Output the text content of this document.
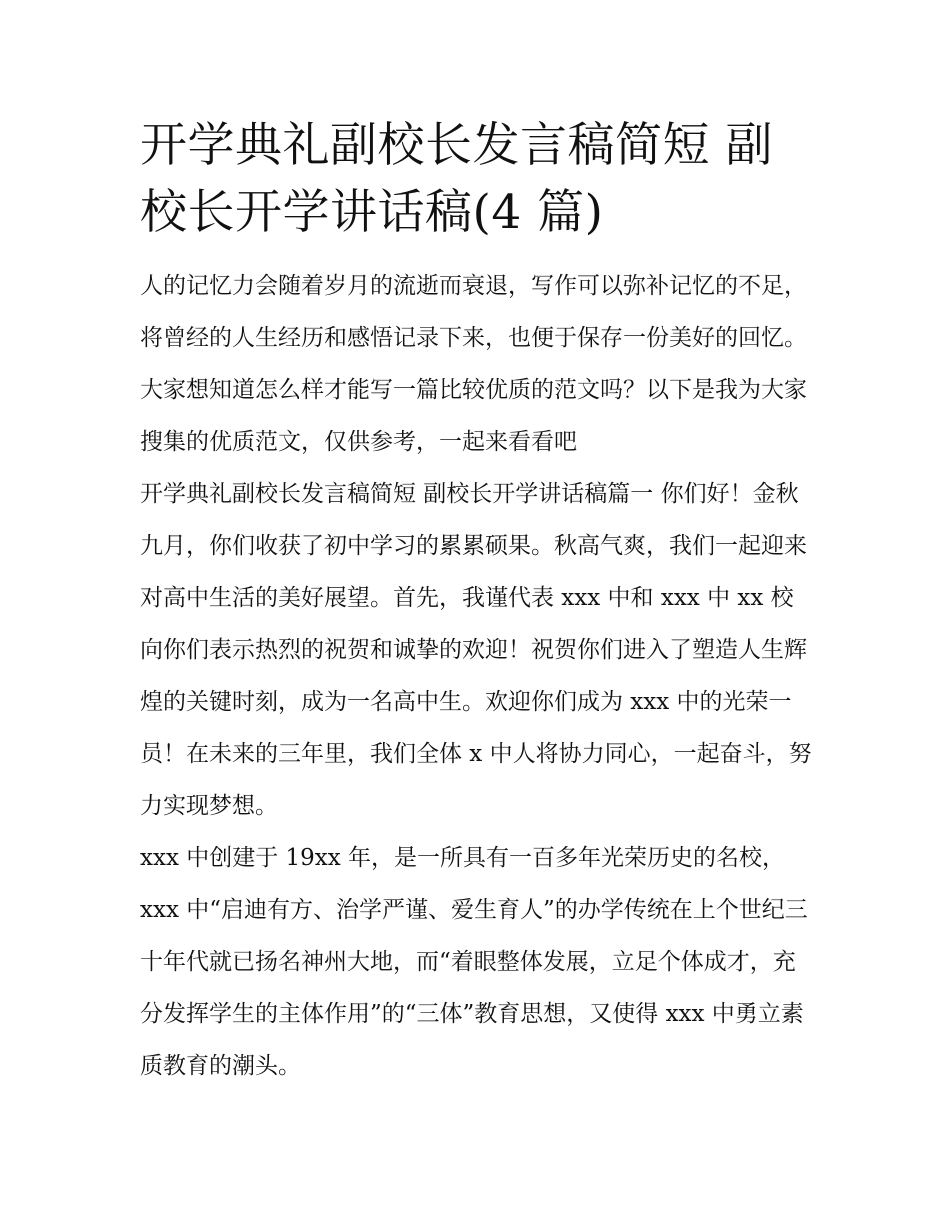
开学典礼副校长发言稿简短 副校长开学讲话稿(4 篇)

人的记忆力会随着岁月的流逝而衰退，写作可以弥补记忆的不足，将曾经的人生经历和感悟记录下来，也便于保存一份美好的回忆。大家想知道怎么样才能写一篇比较优质的范文吗？以下是我为大家搜集的优质范文，仅供参考，一起来看看吧

开学典礼副校长发言稿简短 副校长开学讲话稿篇一 你们好！金秋九月，你们收获了初中学习的累累硕果。秋高气爽，我们一起迎来对高中生活的美好展望。首先，我谨代表 xxx 中和 xxx 中 xx 校向你们表示热烈的祝贺和诚挚的欢迎！祝贺你们进入了塑造人生辉煌的关键时刻，成为一名高中生。欢迎你们成为 xxx 中的光荣一员！在未来的三年里，我们全体 x 中人将协力同心，一起奋斗，努力实现梦想。

xxx 中创建于 19xx 年，是一所具有一百多年光荣历史的名校，xxx 中“启迪有方、治学严谨、爱生育人”的办学传统在上个世纪三十年代就已扬名神州大地，而“着眼整体发展，立足个体成才，充分发挥学生的主体作用”的“三体”教育思想，又使得 xxx 中勇立素质教育的潮头。
